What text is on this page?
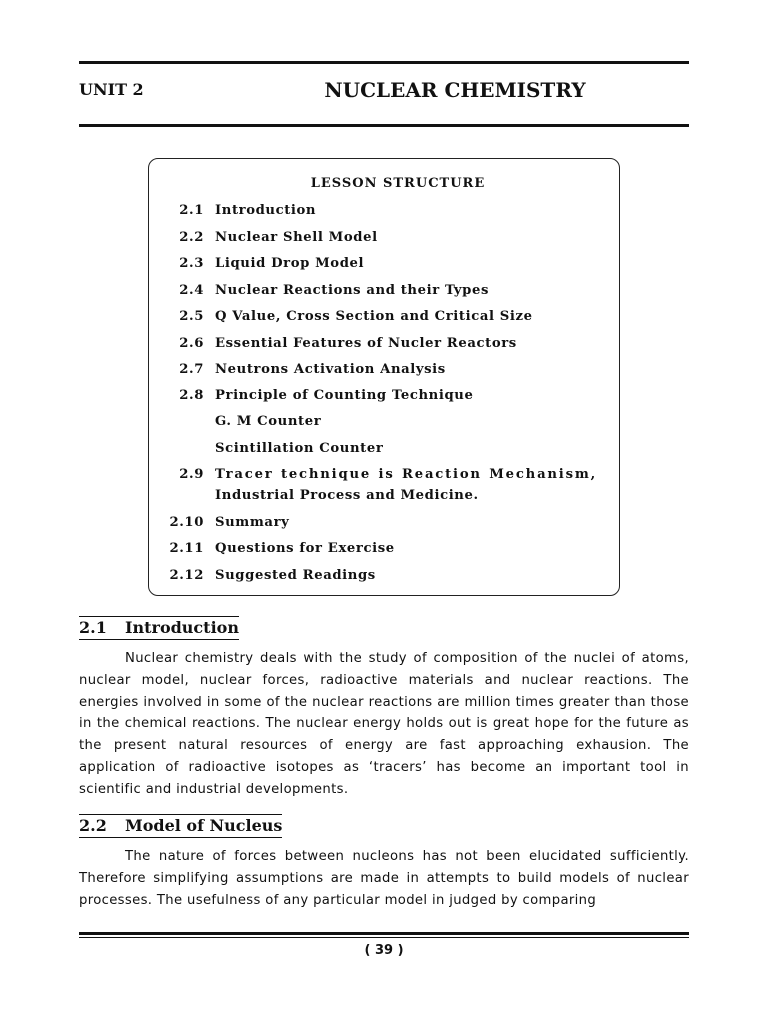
UNIT 2	NUCLEAR CHEMISTRY
LESSON STRUCTURE
2.1 Introduction
2.2 Nuclear Shell Model
2.3 Liquid Drop Model
2.4 Nuclear Reactions and their Types
2.5 Q Value, Cross Section and Critical Size
2.6 Essential Features of Nucler Reactors
2.7 Neutrons Activation Analysis
2.8 Principle of Counting Technique
G. M Counter
Scintillation Counter
2.9 Tracer technique is Reaction Mechanism,
Industrial Process and Medicine.
2.10 Summary
2.11 Questions for Exercise
2.12 Suggested Readings
2.1 Introduction

Nuclear chemistry deals with the study of composition of the nuclei of atoms, nuclear model, nuclear forces, radioactive materials and nuclear reactions. The energies involved in some of the nuclear reactions are million times greater than those in the chemical reactions. The nuclear energy holds out is great hope for the future as the present natural resources of energy are fast approaching exhausion. The application of radioactive isotopes as ‘tracers’ has become an important tool in scientific and industrial developments.

2.2 Model of Nucleus

The nature of forces between nucleons has not been elucidated sufficiently. Therefore simplifying assumptions are made in attempts to build models of nuclear processes. The usefulness of any particular model in judged by comparing

( 39 )
